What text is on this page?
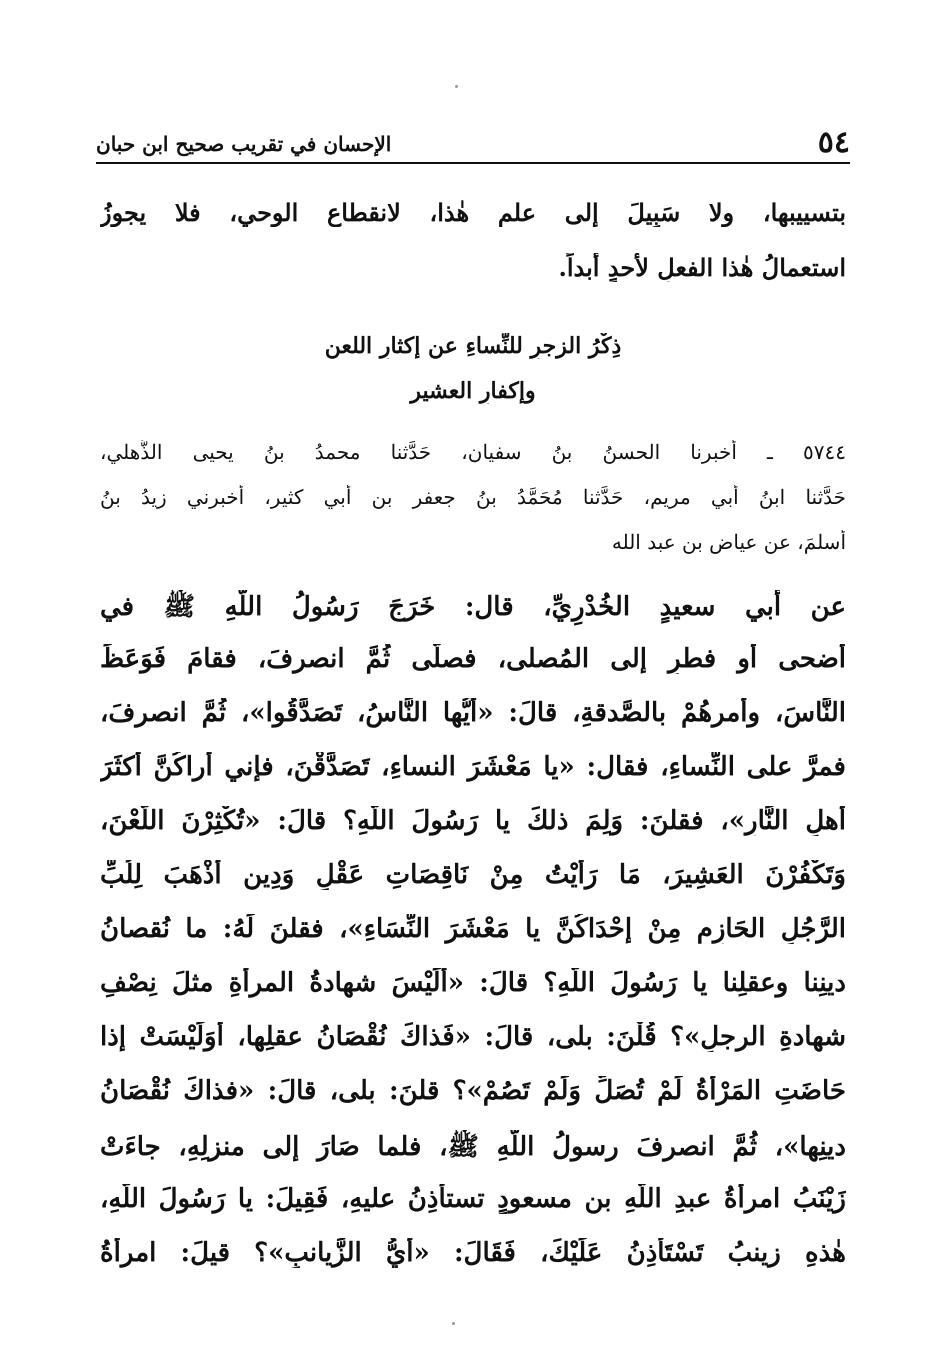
٥٤
الإحسان في تقريب صحيح ابن حبان
بتسييبها، ولا سَبِيلَ إلى علم هٰذا، لانقطاع الوحي، فلا يجوزُ
استعمالُ هٰذا الفعلِ لأحدٍ أبداً.
ذِكْرُ الزجرِ للنِّساءِ عن إكثارِ اللعن
وإكفارِ العشير
٥٧٤٤ ـ أخبرنا الحسنُ بنُ سفيان، حَدَّثنا محمدُ بنُ يحيى الذُّهلي،
حَدَّثنا ابنُ أبي مريم، حَدَّثنا مُحَمَّدُ بنُ جعفر بن أبي كثير، أخبرني زيدُ بنُ
أسلمَ، عن عياض بنِ عبد الله
عن أبي سعيدٍ الخُدْرِيِّ، قال: خَرَجَ رَسُولُ اللَّهِ ﷺ في
أضحى أو فطرٍ إلى المُصلى، فصلَّى ثُمَّ انصرفَ، فقامَ فَوَعَظَ
النَّاسَ، وأمرهُمْ بالصَّدقةِ، قالَ: «أيُّها النَّاسُ، تَصَدَّقُوا»، ثُمَّ انصرفَ،
فمرَّ على النِّساءِ، فقال: «يا مَعْشَرَ النساءِ، تَصَدَّقْنَ، فإني أُراكُنَّ أكثَرَ
أهلِ النَّارِ»، فقلنَ: وَلِمَ ذلكَ يا رَسُولَ اللَّهِ؟ قالَ: «تُكْثِرْنَ اللَّعْنَ،
وَتَكْفُرْنَ العَشِيرَ، مَا رَأَيْتُ مِنْ نَاقِصَاتِ عَقْلٍ وَدِينٍ أَذْهَبَ لِلُبِّ
الرَّجُلِ الحَازِمِ مِنْ إحْدَاكُنَّ يا مَعْشَرَ النِّسَاءِ»، فقلنَ لَهُ: ما نُقصانُ
دينِنا وعقلِنا يا رَسُولَ اللَّهِ؟ قالَ: «أَلَيْسَ شهادةُ المرأةِ مثلَ نِصْفِ
شهادةِ الرجلِ»؟ قُلْنَ: بلى، قالَ: «فَذاكَ نُقْصَانُ عقلِها، أَوَلَيْسَتْ إذا
حَاضَتِ المَرْأَةُ لَمْ تُصَلِّ وَلَمْ تَصُمْ»؟ قلنَ: بلى، قالَ: «فذاكَ نُقْصَانُ
دينِها»، ثُمَّ انصرفَ رسولُ اللَّهِ ﷺ، فلما صَارَ إلى منزلِهِ، جاءَتْ
زَيْنَبُ امرأةُ عبدِ اللَّهِ بن مسعودٍ تستأذِنُ عليهِ، فَقِيلَ: يا رَسُولَ اللَّهِ،
هٰذهِ زينبُ تَسْتَأْذِنُ عَلَيْكَ، فَقَالَ: «أيُّ الزَّيانبِ»؟ قيلَ: امرأةُ
